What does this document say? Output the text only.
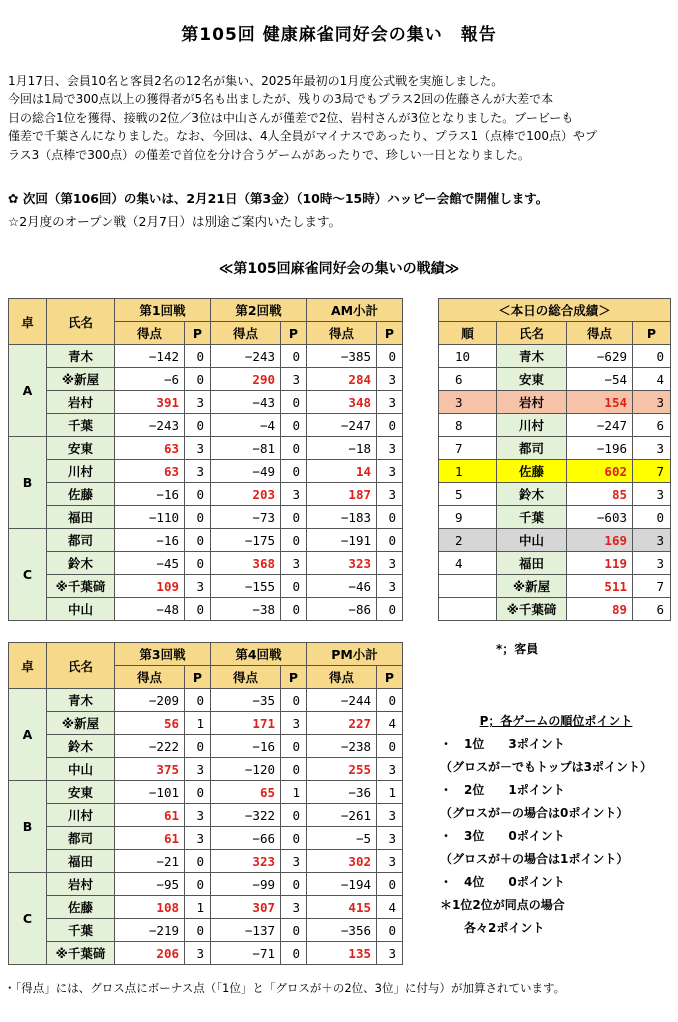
第105回 健康麻雀同好会の集い　報告

1月17日、会員10名と客員2名の12名が集い、2025年最初の1月度公式戦を実施しました。

今回は1局で300点以上の獲得者が5名も出ましたが、残りの3局でもプラス2回の佐藤さんが大差で本

日の総合1位を獲得、接戦の2位／3位は中山さんが僅差で2位、岩村さんが3位となりました。ブービーも

僅差で千葉さんになりました。なお、今回は、4人全員がマイナスであったり、プラス1（点棒で100点）やプ

ラス3（点棒で300点）の僅差で首位を分け合うゲームがあったりで、珍しい一日となりました。

✿ 次回（第106回）の集いは、2月21日（第3金）（10時～15時）ハッピー会館で開催します。
☆2月度のオープン戦（2月7日）は別途ご案内いたします。
≪第105回麻雀同好会の集いの戦績≫
卓	氏名	第1回戦		第2回戦		AM小計	
		得点	P	得点	P	得点	P
A	青木	−142	0	−243	0	−385	0
	※新屋	−6	0	290	3	284	3
	岩村	391	3	−43	0	348	3
	千葉	−243	0	−4	0	−247	0
B	安東	63	3	−81	0	−18	3
	川村	63	3	−49	0	14	3
	佐藤	−16	0	203	3	187	3
	福田	−110	0	−73	0	−183	0
C	都司	−16	0	−175	0	−191	0
	鈴木	−45	0	368	3	323	3
	※千葉𥔎	109	3	−155	0	−46	3
	中山	−48	0	−38	0	−86	0
卓	氏名	第3回戦		第4回戦		PM小計	
		得点	P	得点	P	得点	P
A	青木	−209	0	−35	0	−244	0
	※新屋	56	1	171	3	227	4
	鈴木	−222	0	−16	0	−238	0
	中山	375	3	−120	0	255	3
B	安東	−101	0	65	1	−36	1
	川村	61	3	−322	0	−261	3
	都司	61	3	−66	0	−5	3
	福田	−21	0	323	3	302	3
C	岩村	−95	0	−99	0	−194	0
	佐藤	108	1	307	3	415	4
	千葉	−219	0	−137	0	−356	0
	※千葉𥔎	206	3	−71	0	135	3
＜本日の総合成績＞			
順	氏名	得点	P
10	青木	−629	0
6	安東	−54	4
3	岩村	154	3
8	川村	−247	6
7	都司	−196	3
1	佐藤	602	7
5	鈴木	85	3
9	千葉	−603	0
2	中山	169	3
4	福田	119	3
	※新屋	511	7
	※千葉𥔎	89	6
*；客員
P；各ゲームの順位ポイント
・　1位　　3ポイント
（グロスが－でもトップは3ポイント）
・　2位　　1ポイント
（グロスが－の場合は0ポイント）
・　3位　　0ポイント
（グロスが＋の場合は1ポイント）
・　4位　　0ポイント
＊1位2位が同点の場合
　　各々2ポイント
・「得点」には、グロス点にボーナス点（「1位」と「グロスが＋の2位、3位」に付与）が加算されています。
